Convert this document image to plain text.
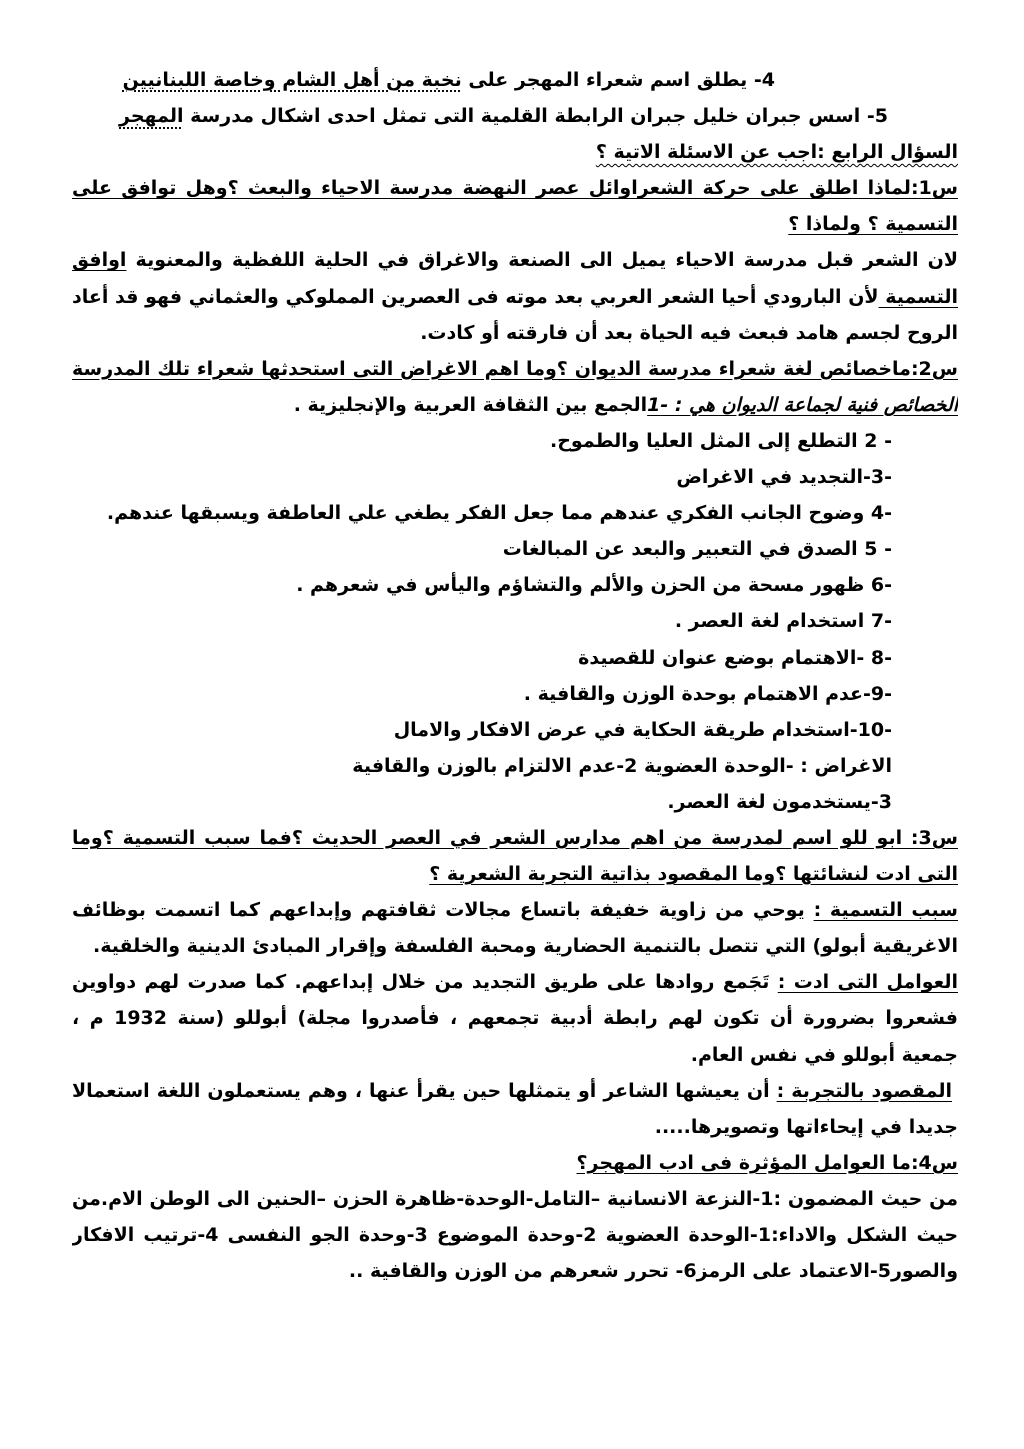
4- يطلق اسم شعراء المهجر على نخبة من أهل الشام وخاصة اللبنانيين
5- اسس جبران خليل جبران الرابطة القلمية التى تمثل احدى اشكال مدرسة المهجر
السؤال الرابع :اجب عن الاسئلة الاتية ؟
س1:لماذا اطلق على حركة الشعراوائل عصر النهضة مدرسة الاحياء والبعث ؟وهل توافق على
التسمية ؟ ولماذا ؟
لان الشعر قبل مدرسة الاحياء يميل الى الصنعة والاغراق في الحلية اللفظية والمعنوية اوافق
التسمية لأن البارودي أحيا الشعر العربي بعد موته فى العصرين المملوكي والعثماني فهو قد أعاد
الروح لجسم هامد فبعث فيه الحياة بعد أن فارقته أو كادت.
س2:ماخصائص لغة شعراء مدرسة الديوان ؟وما اهم الاغراض التى استحدثها شعراء تلك المدرسة
الخصائص فنية لجماعة الديوان هي : -1الجمع بين الثقافة العربية والإنجليزية .
- 2 التطلع إلى المثل العليا والطموح.
-3-التجديد في الاغراض
-4 وضوح الجانب الفكري عندهم مما جعل الفكر يطغي علي العاطفة ويسبقها عندهم.
- 5 الصدق في التعبير والبعد عن المبالغات
-6 ظهور مسحة من الحزن والألم والتشاؤم واليأس في شعرهم .
-7 استخدام لغة العصر .
-8 -الاهتمام بوضع عنوان للقصيدة
-9-عدم الاهتمام بوحدة الوزن والقافية .
-10-استخدام طريقة الحكاية في عرض الافكار والامال
الاغراض : -الوحدة العضوية 2-عدم الالتزام بالوزن والقافية
3-يستخدمون لغة العصر.
س3: ابو للو اسم لمدرسة من اهم مدارس الشعر في العصر الحديث ؟فما سبب التسمية ؟وما
التى ادت لنشائتها ؟وما المقصود بذاتية التجربة الشعرية ؟
سبب التسمية : يوحي من زاوية خفيفة باتساع مجالات ثقافتهم وإبداعهم كما اتسمت بوظائف
الاغريقية أبولو) التي تتصل بالتنمية الحضارية ومحبة الفلسفة وإقرار المبادئ الدينية والخلقية.
العوامل التى ادت : تَجَمع روادها على طريق التجديد من خلال إبداعهم. كما صدرت لهم دواوين
فشعروا بضرورة أن تكون لهم رابطة أدبية تجمعهم ، فأصدروا مجلة) أبوللو (سنة 1932 م ،
جمعية أبوللو في نفس العام.
المقصود بالتجربة : أن يعيشها الشاعر أو يتمثلها حين يقرأ عنها ، وهم يستعملون اللغة استعمالا
جديدا في إيحاءاتها وتصويرها.....
س4:ما العوامل المؤثرة فى ادب المهجر؟
من حيث المضمون :1-النزعة الانسانية –التامل-الوحدة-ظاهرة الحزن –الحنين الى الوطن الام.من
حيث الشكل والاداء:1-الوحدة العضوية 2-وحدة الموضوع 3-وحدة الجو النفسى 4-ترتيب الافكار
والصور5-الاعتماد على الرمز6- تحرر شعرهم من الوزن والقافية ..
